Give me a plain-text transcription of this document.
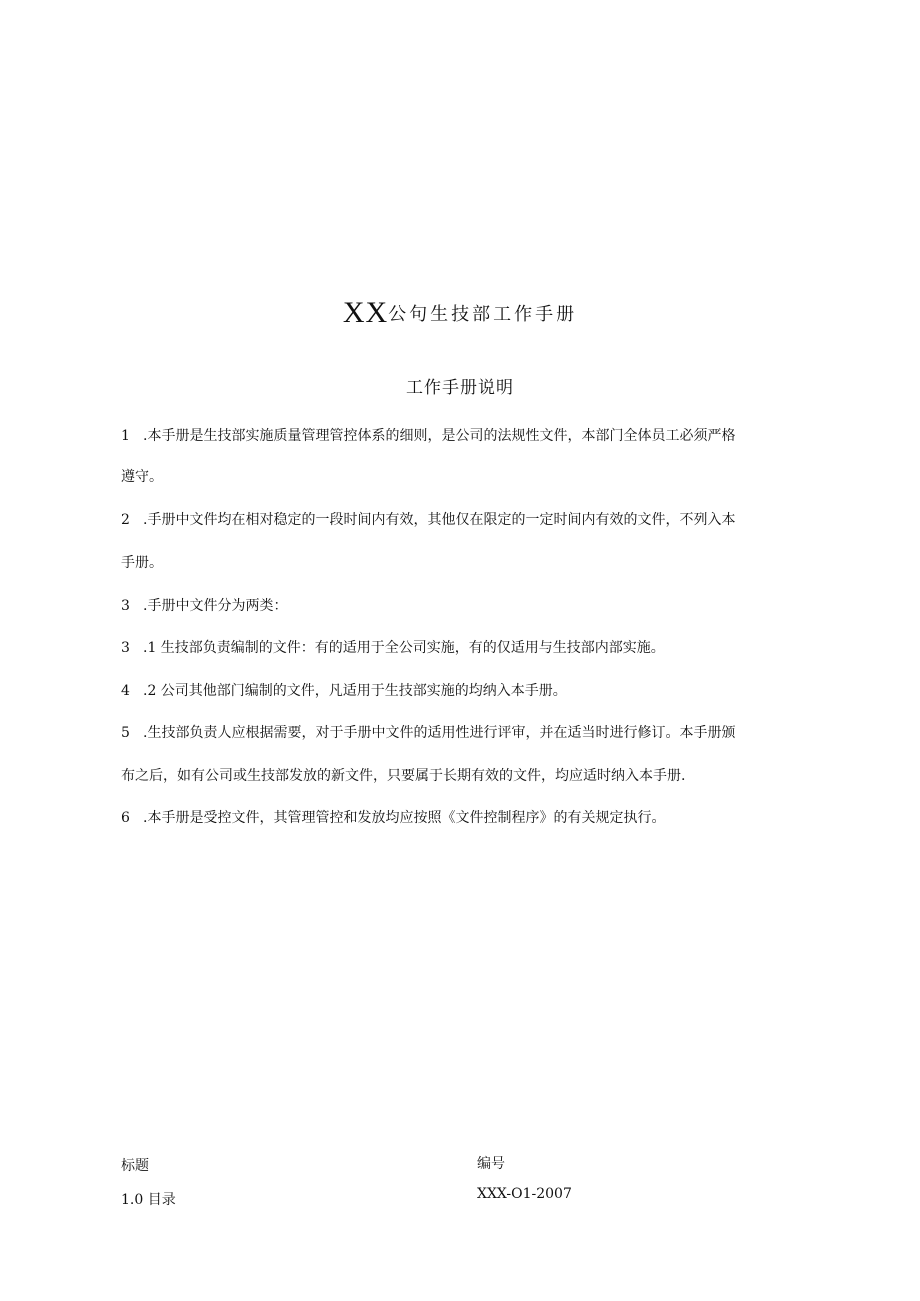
XX公句生技部工作手册
工作手册说明
1 .本手册是生技部实施质量管理管控体系的细则，是公司的法规性文件，本部门全体员工必须严格
遵守。
2 .手册中文件均在相对稳定的一段时间内有效，其他仅在限定的一定时间内有效的文件，不列入本
手册。
3 .手册中文件分为两类：
3 .1 生技部负责编制的文件：有的适用于全公司实施，有的仅适用与生技部内部实施。
4 .2 公司其他部门编制的文件，凡适用于生技部实施的均纳入本手册。
5 .生技部负责人应根据需要，对于手册中文件的适用性进行评审，并在适当时进行修订。本手册颁
布之后，如有公司或生技部发放的新文件，只要属于长期有效的文件，均应适时纳入本手册.
6 .本手册是受控文件，其管理管控和发放均应按照《文件控制程序》的有关规定执行。
标题
1.0 目录
编号
XXX-O1-2007
